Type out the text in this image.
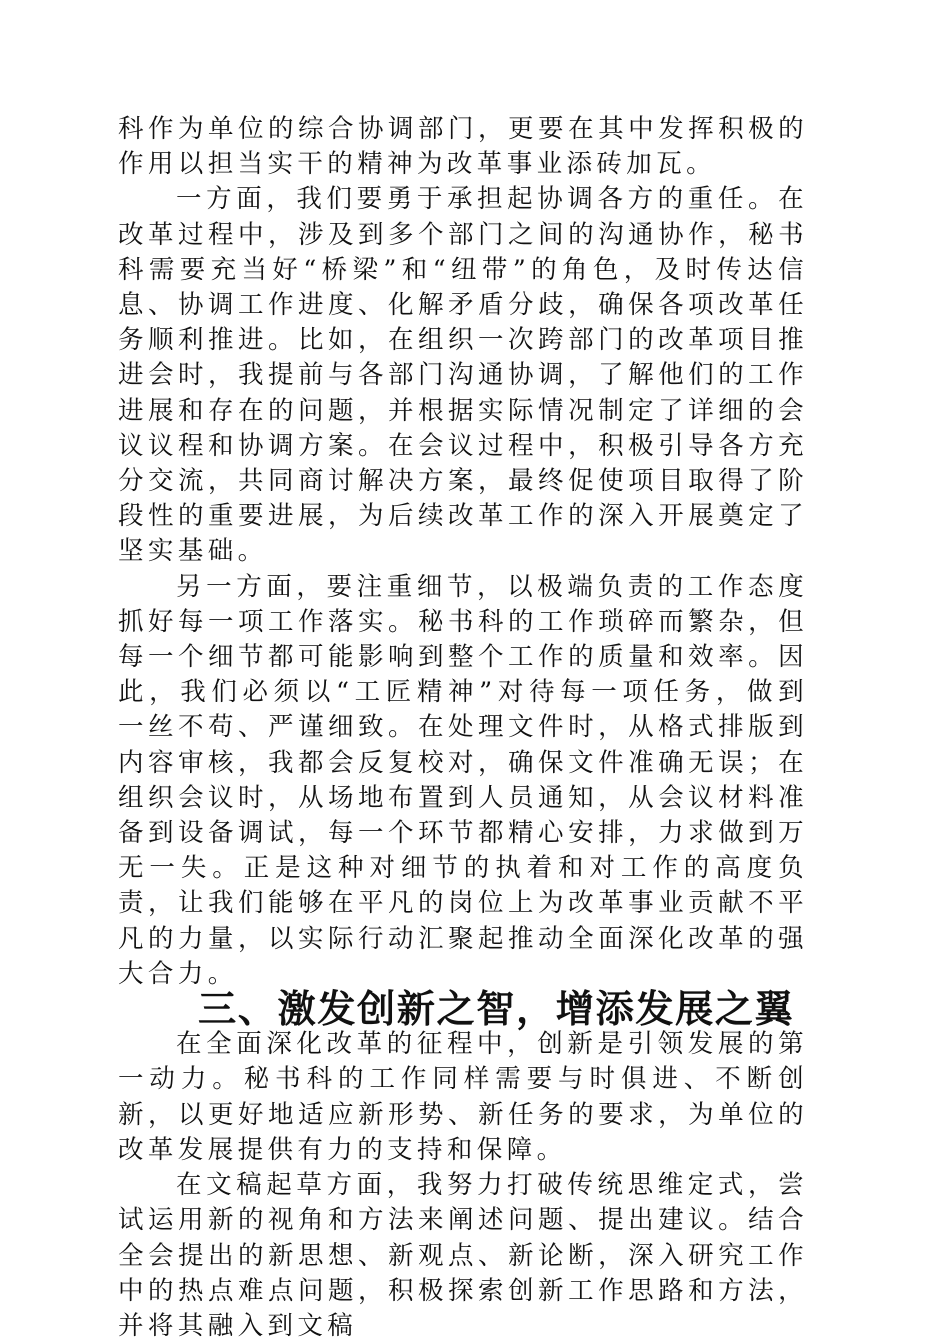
科作为单位的综合协调部门，更要在其中发挥积极的作用以担当实干的精神为改革事业添砖加瓦。

一方面，我们要勇于承担起协调各方的重任。在改革过程中，涉及到多个部门之间的沟通协作，秘书科需要充当好“桥梁”和“纽带”的角色，及时传达信息、协调工作进度、化解矛盾分歧，确保各项改革任务顺利推进。比如，在组织一次跨部门的改革项目推进会时，我提前与各部门沟通协调，了解他们的工作进展和存在的问题，并根据实际情况制定了详细的会议议程和协调方案。在会议过程中，积极引导各方充分交流，共同商讨解决方案，最终促使项目取得了阶段性的重要进展，为后续改革工作的深入开展奠定了坚实基础。

另一方面，要注重细节，以极端负责的工作态度抓好每一项工作落实。秘书科的工作琐碎而繁杂，但每一个细节都可能影响到整个工作的质量和效率。因此，我们必须以“工匠精神”对待每一项任务，做到一丝不苟、严谨细致。在处理文件时，从格式排版到内容审核，我都会反复校对，确保文件准确无误；在组织会议时，从场地布置到人员通知，从会议材料准备到设备调试，每一个环节都精心安排，力求做到万无一失。正是这种对细节的执着和对工作的高度负责，让我们能够在平凡的岗位上为改革事业贡献不平凡的力量，以实际行动汇聚起推动全面深化改革的强大合力。

三、激发创新之智，增添发展之翼

在全面深化改革的征程中，创新是引领发展的第一动力。秘书科的工作同样需要与时俱进、不断创新，以更好地适应新形势、新任务的要求，为单位的改革发展提供有力的支持和保障。

在文稿起草方面，我努力打破传统思维定式，尝试运用新的视角和方法来阐述问题、提出建议。结合全会提出的新思想、新观点、新论断，深入研究工作中的热点难点问题，积极探索创新工作思路和方法，并将其融入到文稿
